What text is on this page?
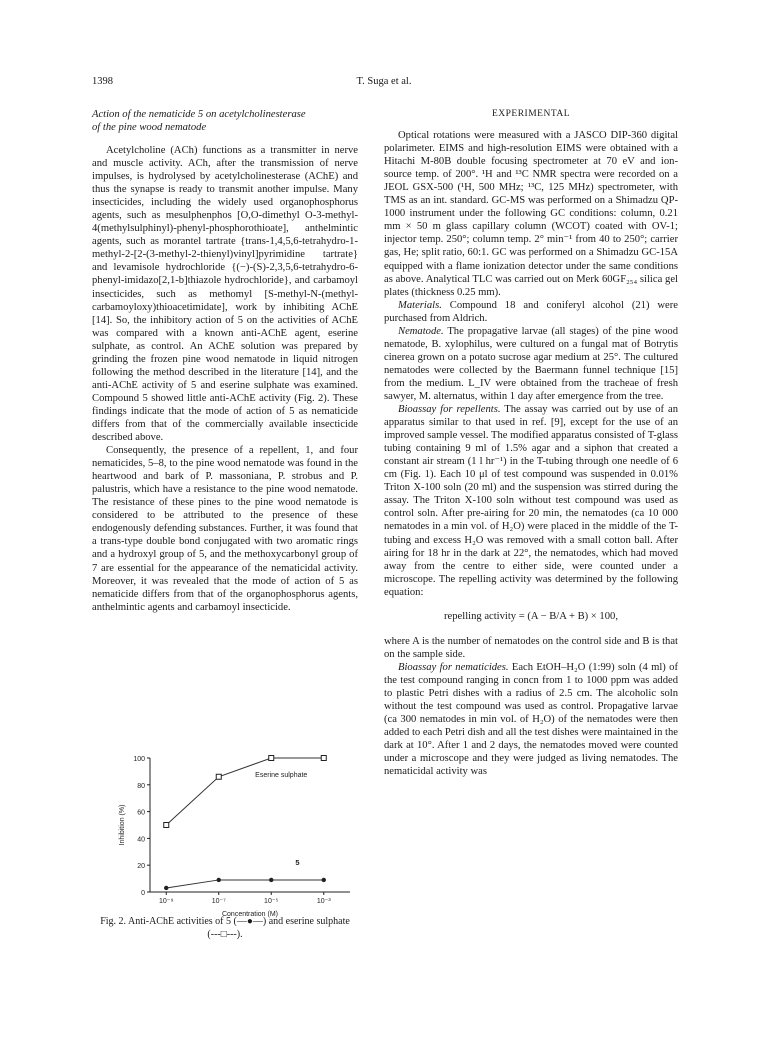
1398	T. Suga et al.
Action of the nematicide 5 on acetylcholinesterase
of the pine wood nematode

Acetylcholine (ACh) functions as a transmitter in nerve and muscle activity. ACh, after the transmission of nerve impulses, is hydrolysed by acetylcholinesterase (AChE) and thus the synapse is ready to transmit another impulse. Many insecticides, including the widely used organophosphorus agents, such as mesulphenphos [O,O-dimethyl O-3-methyl-4(methylsulphinyl)-phenyl-phosphorothioate], anthelmintic agents, such as morantel tartrate {trans-1,4,5,6-tetrahydro-1-methyl-2-[2-(3-methyl-2-thienyl)vinyl]pyrimidine tartrate} and levamisole hydrochloride {(−)-(S)-2,3,5,6-tetrahydro-6-phenyl-imidazo[2,1-b]thiazole hydrochloride}, and carbamoyl insecticides, such as methomyl [S-methyl-N-(methyl-carbamoyloxy)thioacetimidate], work by inhibiting AChE [14]. So, the inhibitory action of 5 on the activities of AChE was compared with a known anti-AChE agent, eserine sulphate, as control. An AChE solution was prepared by grinding the frozen pine wood nematode in liquid nitrogen following the method described in the literature [14], and the anti-AChE activity of 5 and eserine sulphate was examined. Compound 5 showed little anti-AChE activity (Fig. 2). These findings indicate that the mode of action of 5 as nematicide differs from that of the commercially available insecticide described above.

Consequently, the presence of a repellent, 1, and four nematicides, 5–8, to the pine wood nematode was found in the heartwood and bark of P. massoniana, P. strobus and P. palustris, which have a resistance to the pine wood nematode. The resistance of these pines to the pine wood nematode is considered to be attributed to the presence of these endogenously defending substances. Further, it was found that a trans-type double bond conjugated with two aromatic rings and a hydroxyl group of 5, and the methoxycarbonyl group of 7 are essential for the appearance of the nematicidal activity. Moreover, it was revealed that the mode of action of 5 as nematicide differs from that of the organophosphorus agents, anthelmintic agents and carbamoyl insecticide.

EXPERIMENTAL

Optical rotations were measured with a JASCO DIP-360 digital polarimeter. EIMS and high-resolution EIMS were obtained with a Hitachi M-80B double focusing spectrometer at 70 eV and ion-source temp. of 200°. ¹H and ¹³C NMR spectra were recorded on a JEOL GSX-500 (¹H, 500 MHz; ¹³C, 125 MHz) spectrometer, with TMS as an int. standard. GC-MS was performed on a Shimadzu QP-1000 instrument under the following GC conditions: column, 0.21 mm × 50 m glass capillary column (WCOT) coated with OV-1; injector temp. 250°; column temp. 2° min⁻¹ from 40 to 250°; carrier gas, He; split ratio, 60:1. GC was performed on a Shimadzu GC-15A equipped with a flame ionization detector under the same conditions as above. Analytical TLC was carried out on Merk 60GF₂₅₄ silica gel plates (thickness 0.25 mm).

Materials. Compound 18 and coniferyl alcohol (21) were purchased from Aldrich.

Nematode. The propagative larvae (all stages) of the pine wood nematode, B. xylophilus, were cultured on a fungal mat of Botrytis cinerea grown on a potato sucrose agar medium at 25°. The cultured nematodes were collected by the Baermann funnel technique [15] from the medium. L_IV were obtained from the tracheae of fresh sawyer, M. alternatus, within 1 day after emergence from the tree.

Bioassay for repellents. The assay was carried out by use of an apparatus similar to that used in ref. [9], except for the use of an improved sample vessel. The modified apparatus consisted of T-glass tubing containing 9 ml of 1.5% agar and a siphon that created a constant air stream (1 l hr⁻¹) in the T-tubing through one needle of 6 cm (Fig. 1). Each 10 μl of test compound was suspended in 0.01% Triton X-100 soln (20 ml) and the suspension was stirred during the assay. The Triton X-100 soln without test compound was used as control soln. After pre-airing for 20 min, the nematodes (ca 10 000 nematodes in a min vol. of H₂O) were placed in the middle of the T-tubing and excess H₂O was removed with a small cotton ball. After airing for 18 hr in the dark at 22°, the nematodes, which had moved away from the centre to either side, were counted under a microscope. The repelling activity was determined by the following equation:

repelling activity = (A − B/A + B) × 100,

where A is the number of nematodes on the control side and B is that on the sample side.

Bioassay for nematicides. Each EtOH–H₂O (1:99) soln (4 ml) of the test compound ranging in concn from 1 to 1000 ppm was added to plastic Petri dishes with a radius of 2.5 cm. The alcoholic soln without the test compound was used as control. Propagative larvae (ca 300 nematodes in min vol. of H₂O) of the nematodes were then added to each Petri dish and all the test dishes were maintained in the dark at 10°. After 1 and 2 days, the nematodes moved were counted under a microscope and they were judged as living nematodes. The nematicidal activity was

0
20
40
60
80
100
10⁻⁹	10⁻⁷	10⁻⁵	10⁻³
Concentration (M)
Inhibition (%)
Eserine sulphate
5
Fig. 2. Anti-AChE activities of 5 (—●—) and eserine sulphate
(---□---).
